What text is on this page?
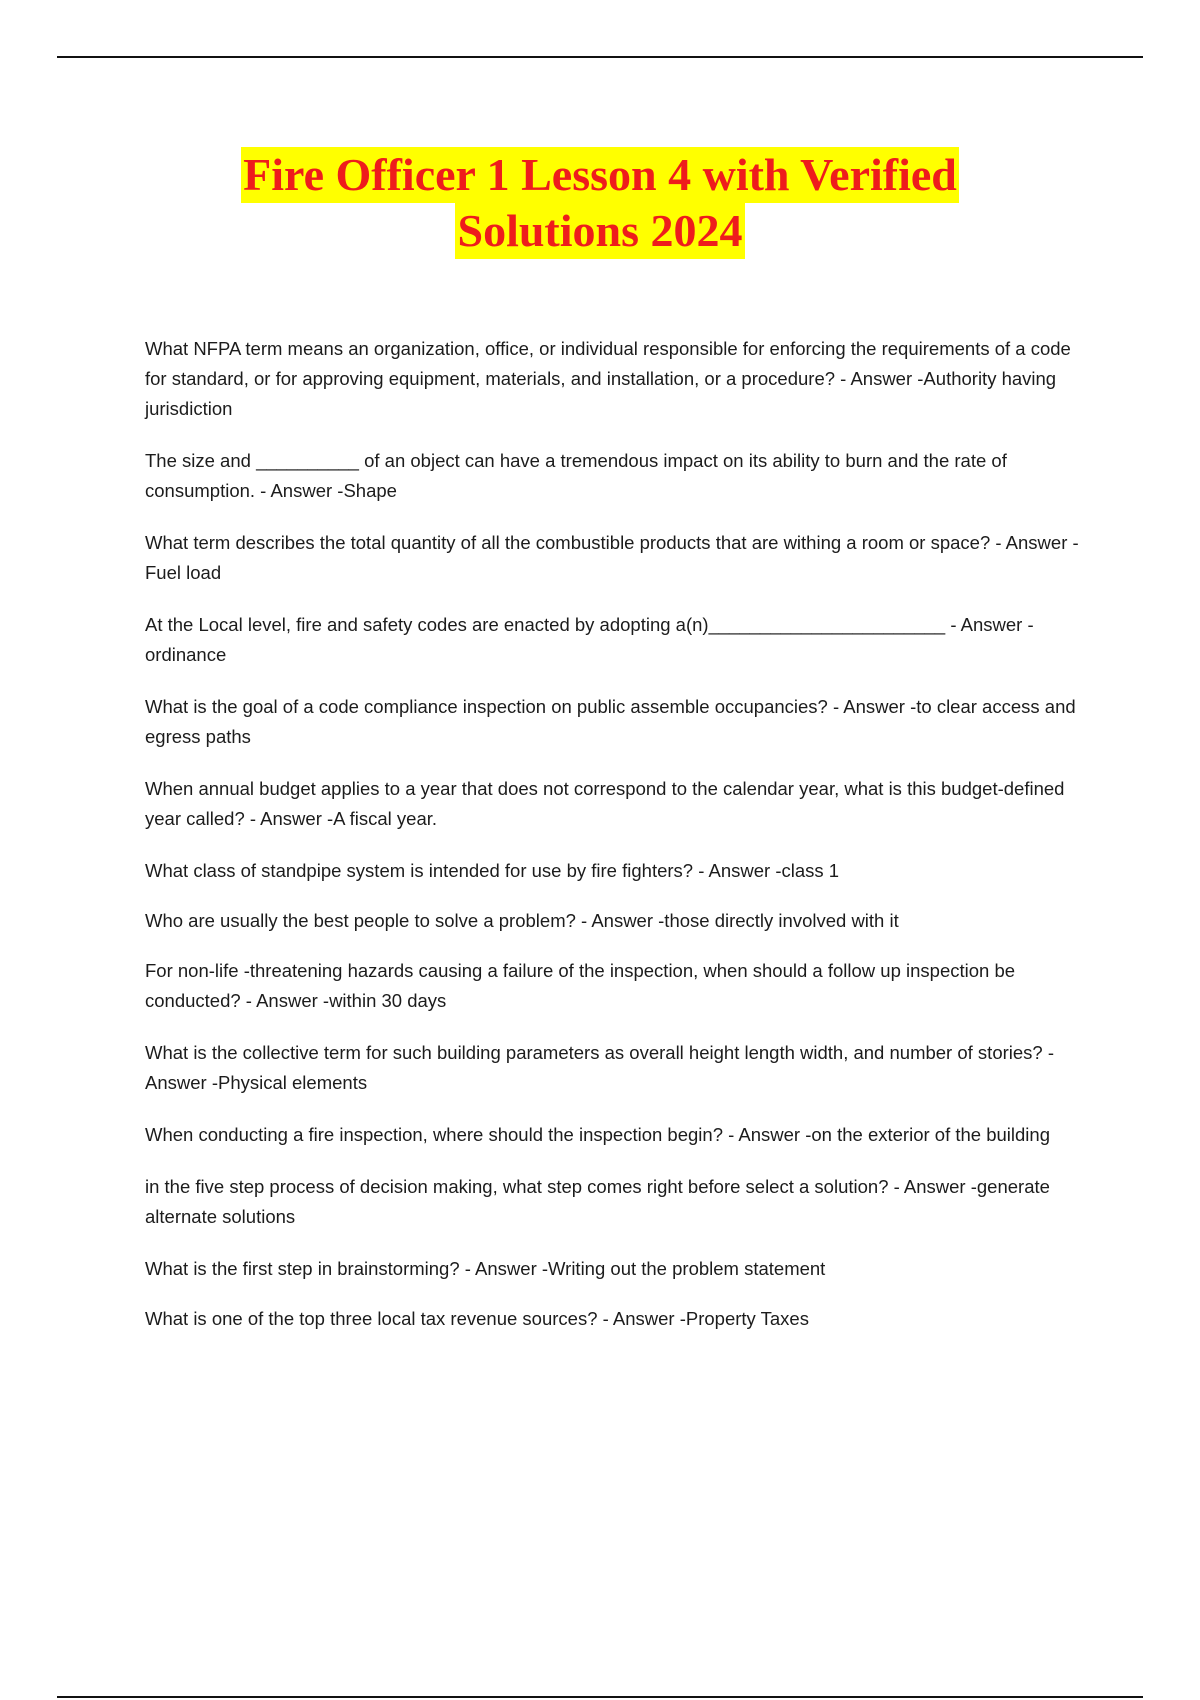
Fire Officer 1 Lesson 4 with Verified
Solutions 2024
What NFPA term means an organization, office, or individual responsible for enforcing the requirements of a code for standard, or for approving equipment, materials, and installation, or a procedure? - Answer -Authority having jurisdiction
The size and __________ of an object can have a tremendous impact on its ability to burn and the rate of consumption. - Answer -Shape
What term describes the total quantity of all the combustible products that are withing a room or space? - Answer -Fuel load
At the Local level, fire and safety codes are enacted by adopting a(n)_______________________ - Answer -ordinance
What is the goal of a code compliance inspection on public assemble occupancies? - Answer -to clear access and egress paths
When annual budget applies to a year that does not correspond to the calendar year, what is this budget-defined year called? - Answer -A fiscal year.
What class of standpipe system is intended for use by fire fighters? - Answer -class 1
Who are usually the best people to solve a problem? - Answer -those directly involved with it
For non-life -threatening hazards causing a failure of the inspection, when should a follow up inspection be conducted? - Answer -within 30 days
What is the collective term for such building parameters as overall height length width, and number of stories? - Answer -Physical elements
When conducting a fire inspection, where should the inspection begin? - Answer -on the exterior of the building
in the five step process of decision making, what step comes right before select a solution? - Answer -generate alternate solutions
What is the first step in brainstorming? - Answer -Writing out the problem statement
What is one of the top three local tax revenue sources? - Answer -Property Taxes
